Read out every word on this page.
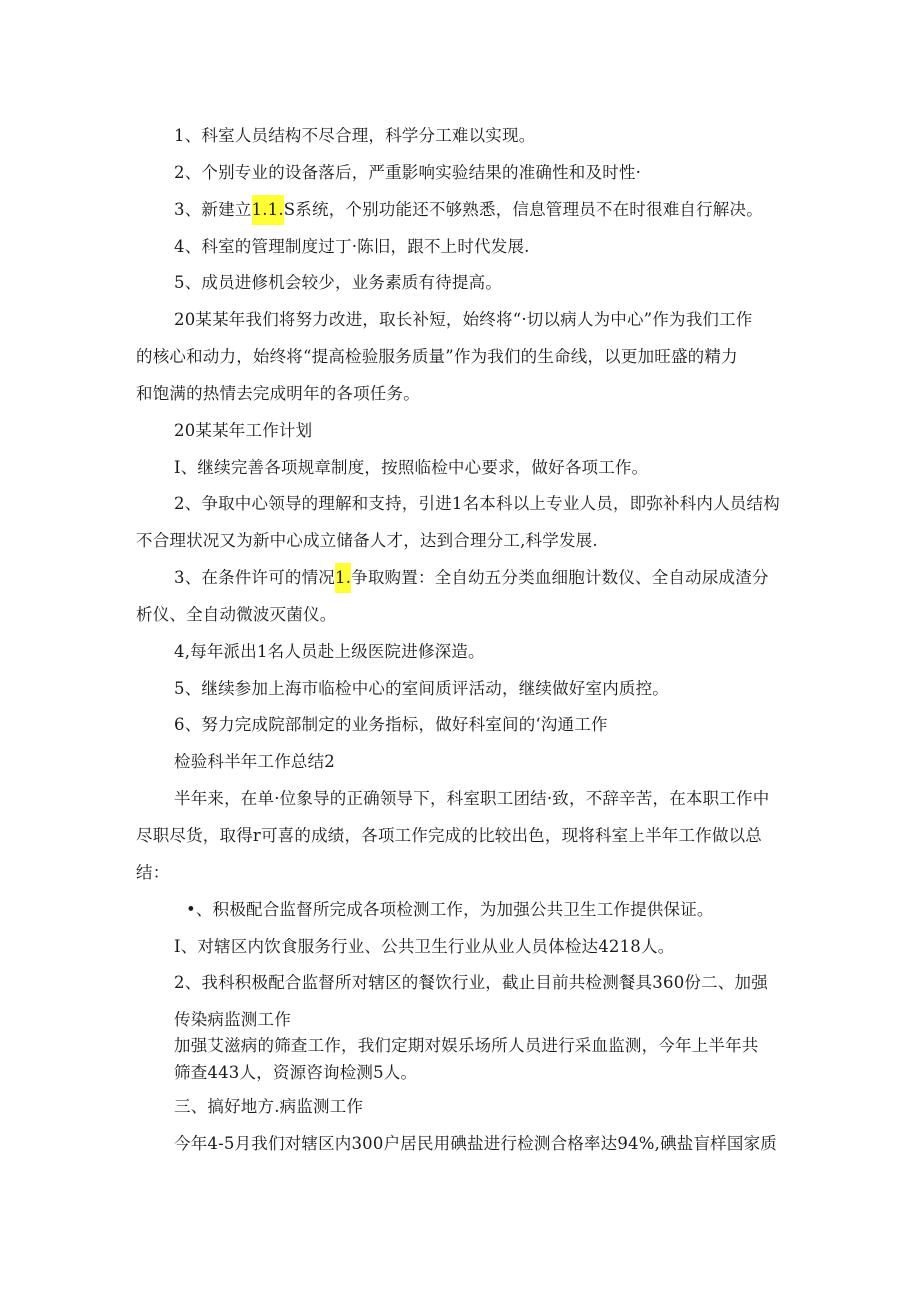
1、科室人员结构不尽合理，科学分工难以实现。
2、个别专业的设备落后，严重影响实验结果的准确性和及时性·
3、新建立1.1.S系统，个别功能还不够熟悉，信息管理员不在时很难自行解决。
4、科室的管理制度过丁·陈旧，跟不上时代发展.
5、成员进修机会较少，业务素质有待提高。
20某某年我们将努力改进，取长补短，始终将“·切以病人为中心”作为我们工作
的核心和动力，始终将“提高检验服务质量”作为我们的生命线，以更加旺盛的精力
和饱满的热情去完成明年的各项任务。
20某某年工作计划
I、继续完善各项规章制度，按照临检中心要求，做好各项工作。
2、争取中心领导的理解和支持，引进1名本科以上专业人员，即弥补科内人员结构
不合理状况又为新中心成立储备人才，达到合理分工,科学发展.
3、在条件许可的情况1.争取购置：全自幼五分类血细胞计数仪、全自动尿成渣分
析仪、全自动微波灭菌仪。
4,每年派出1名人员赴上级医院进修深造。
5、继续参加上海市临检中心的室间质评活动，继续做好室内质控。
6、努力完成院部制定的业务指标，做好科室间的‘沟通工作
检验科半年工作总结2
半年来，在单·位象导的正确领导下，科室职工团结·致，不辞辛苦，在本职工作中
尽职尽货，取得r可喜的成绩，各项工作完成的比较出色，现将科室上半年工作做以总
结：
•、积极配合监督所完成各项检测工作，为加强公共卫生工作提供保证。
I、对辖区内饮食服务行业、公共卫生行业从业人员体检达4218人。
2、我科积极配合监督所对辖区的餐饮行业，截止目前共检测餐具360份二、加强
传染病监测工作
加强艾滋病的筛查工作，我们定期对娱乐场所人员进行采血监测，今年上半年共
筛查443人，资源咨询检测5人。
三、搞好地方.病监测工作
今年4-5月我们对辖区内300户居民用碘盐进行检测合格率达94%,碘盐盲样国家质
